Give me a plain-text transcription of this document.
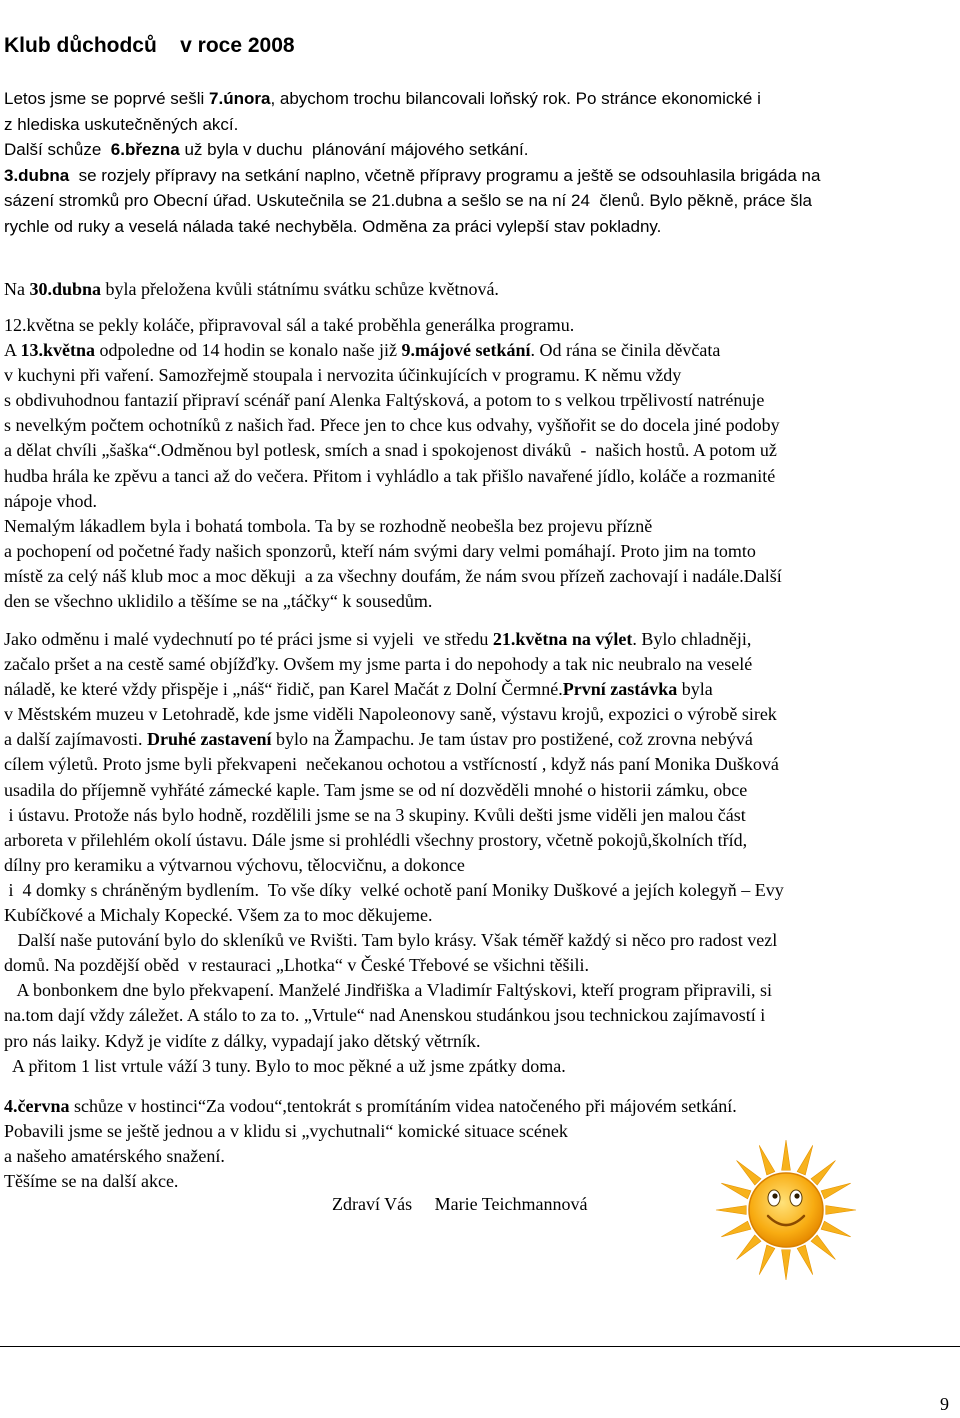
Klub důchodců    v roce 2008
Letos jsme se poprvé sešli 7.února, abychom trochu bilancovali loňský rok. Po stránce ekonomické i
z hlediska uskutečněných akcí.
Další schůze  6.března už byla v duchu  plánování májového setkání.
3.dubna  se rozjely přípravy na setkání naplno, včetně přípravy programu a ještě se odsouhlasila brigáda na
sázení stromků pro Obecní úřad. Uskutečnila se 21.dubna a sešlo se na ní 24  členů. Bylo pěkně, práce šla
rychle od ruky a veselá nálada také nechyběla. Odměna za práci vylepší stav pokladny.
Na 30.dubna byla přeložena kvůli státnímu svátku schůze květnová.
12.května se pekly koláče, připravoval sál a také proběhla generálka programu.
A 13.května odpoledne od 14 hodin se konalo naše již 9.májové setkání. Od rána se činila děvčata
v kuchyni při vaření. Samozřejmě stoupala i nervozita účinkujících v programu. K němu vždy
s obdivuhodnou fantazií připraví scénář paní Alenka Faltýsková, a potom to s velkou trpělivostí natrénuje
s nevelkým počtem ochotníků z našich řad. Přece jen to chce kus odvahy, vyšňořit se do docela jiné podoby
a dělat chvíli „šaška“.Odměnou byl potlesk, smích a snad i spokojenost diváků  -  našich hostů. A potom už
hudba hrála ke zpěvu a tanci až do večera. Přitom i vyhládlo a tak přišlo navařené jídlo, koláče a rozmanité
nápoje vhod.
Nemalým lákadlem byla i bohatá tombola. Ta by se rozhodně neobešla bez projevu přízně
a pochopení od početné řady našich sponzorů, kteří nám svými dary velmi pomáhají. Proto jim na tomto
místě za celý náš klub moc a moc děkuji  a za všechny doufám, že nám svou přízeň zachovají i nadále.Další
den se všechno uklidilo a těšíme se na „táčky“ k sousedům.
Jako odměnu i malé vydechnutí po té práci jsme si vyjeli  ve středu 21.května na výlet. Bylo chladněji,
začalo pršet a na cestě samé objížďky. Ovšem my jsme parta i do nepohody a tak nic neubralo na veselé
náladě, ke které vždy přispěje i „náš“ řidič, pan Karel Mačát z Dolní Čermné.První zastávka byla
v Městském muzeu v Letohradě, kde jsme viděli Napoleonovy saně, výstavu krojů, expozici o výrobě sirek
a další zajímavosti. Druhé zastavení bylo na Žampachu. Je tam ústav pro postižené, což zrovna nebývá
cílem výletů. Proto jsme byli překvapeni  nečekanou ochotou a vstřícností , když nás paní Monika Dušková
usadila do příjemně vyhřáté zámecké kaple. Tam jsme se od ní dozvěděli mnohé o historii zámku, obce
i ústavu. Protože nás bylo hodně, rozdělili jsme se na 3 skupiny. Kvůli dešti jsme viděli jen malou část
arboreta v přilehlém okolí ústavu. Dále jsme si prohlédli všechny prostory, včetně pokojů,školních tříd,
dílny pro keramiku a výtvarnou výchovu, tělocvičnu, a dokonce
i  4 domky s chráněným bydlením.  To vše díky  velké ochotě paní Moniky Duškové a jejích kolegyň – Evy
Kubíčkové a Michaly Kopecké. Všem za to moc děkujeme.
Další naše putování bylo do skleníků ve Rvišti. Tam bylo krásy. Však téměř každý si něco pro radost vezl
domů. Na pozdější oběd  v restauraci „Lhotka“ v České Třebové se všichni těšili.
A bonbonkem dne bylo překvapení. Manželé Jindřiška a Vladimír Faltýskovi, kteří program připravili, si
na.tom dají vždy záležet. A stálo to za to. „Vrtule“ nad Anenskou studánkou jsou technickou zajímavostí i
pro nás laiky. Když je vidíte z dálky, vypadají jako dětský větrník.
A přitom 1 list vrtule váží 3 tuny. Bylo to moc pěkné a už jsme zpátky doma.
4.června schůze v hostinci“Za vodou“,tentokrát s promítáním videa natočeného při májovém setkání.
Pobavili jsme se ještě jednou a v klidu si „vychutnali“ komické situace scének
a našeho amatérského snažení.
Těšíme se na další akce.
Zdraví Vás     Marie Teichmannová
9
